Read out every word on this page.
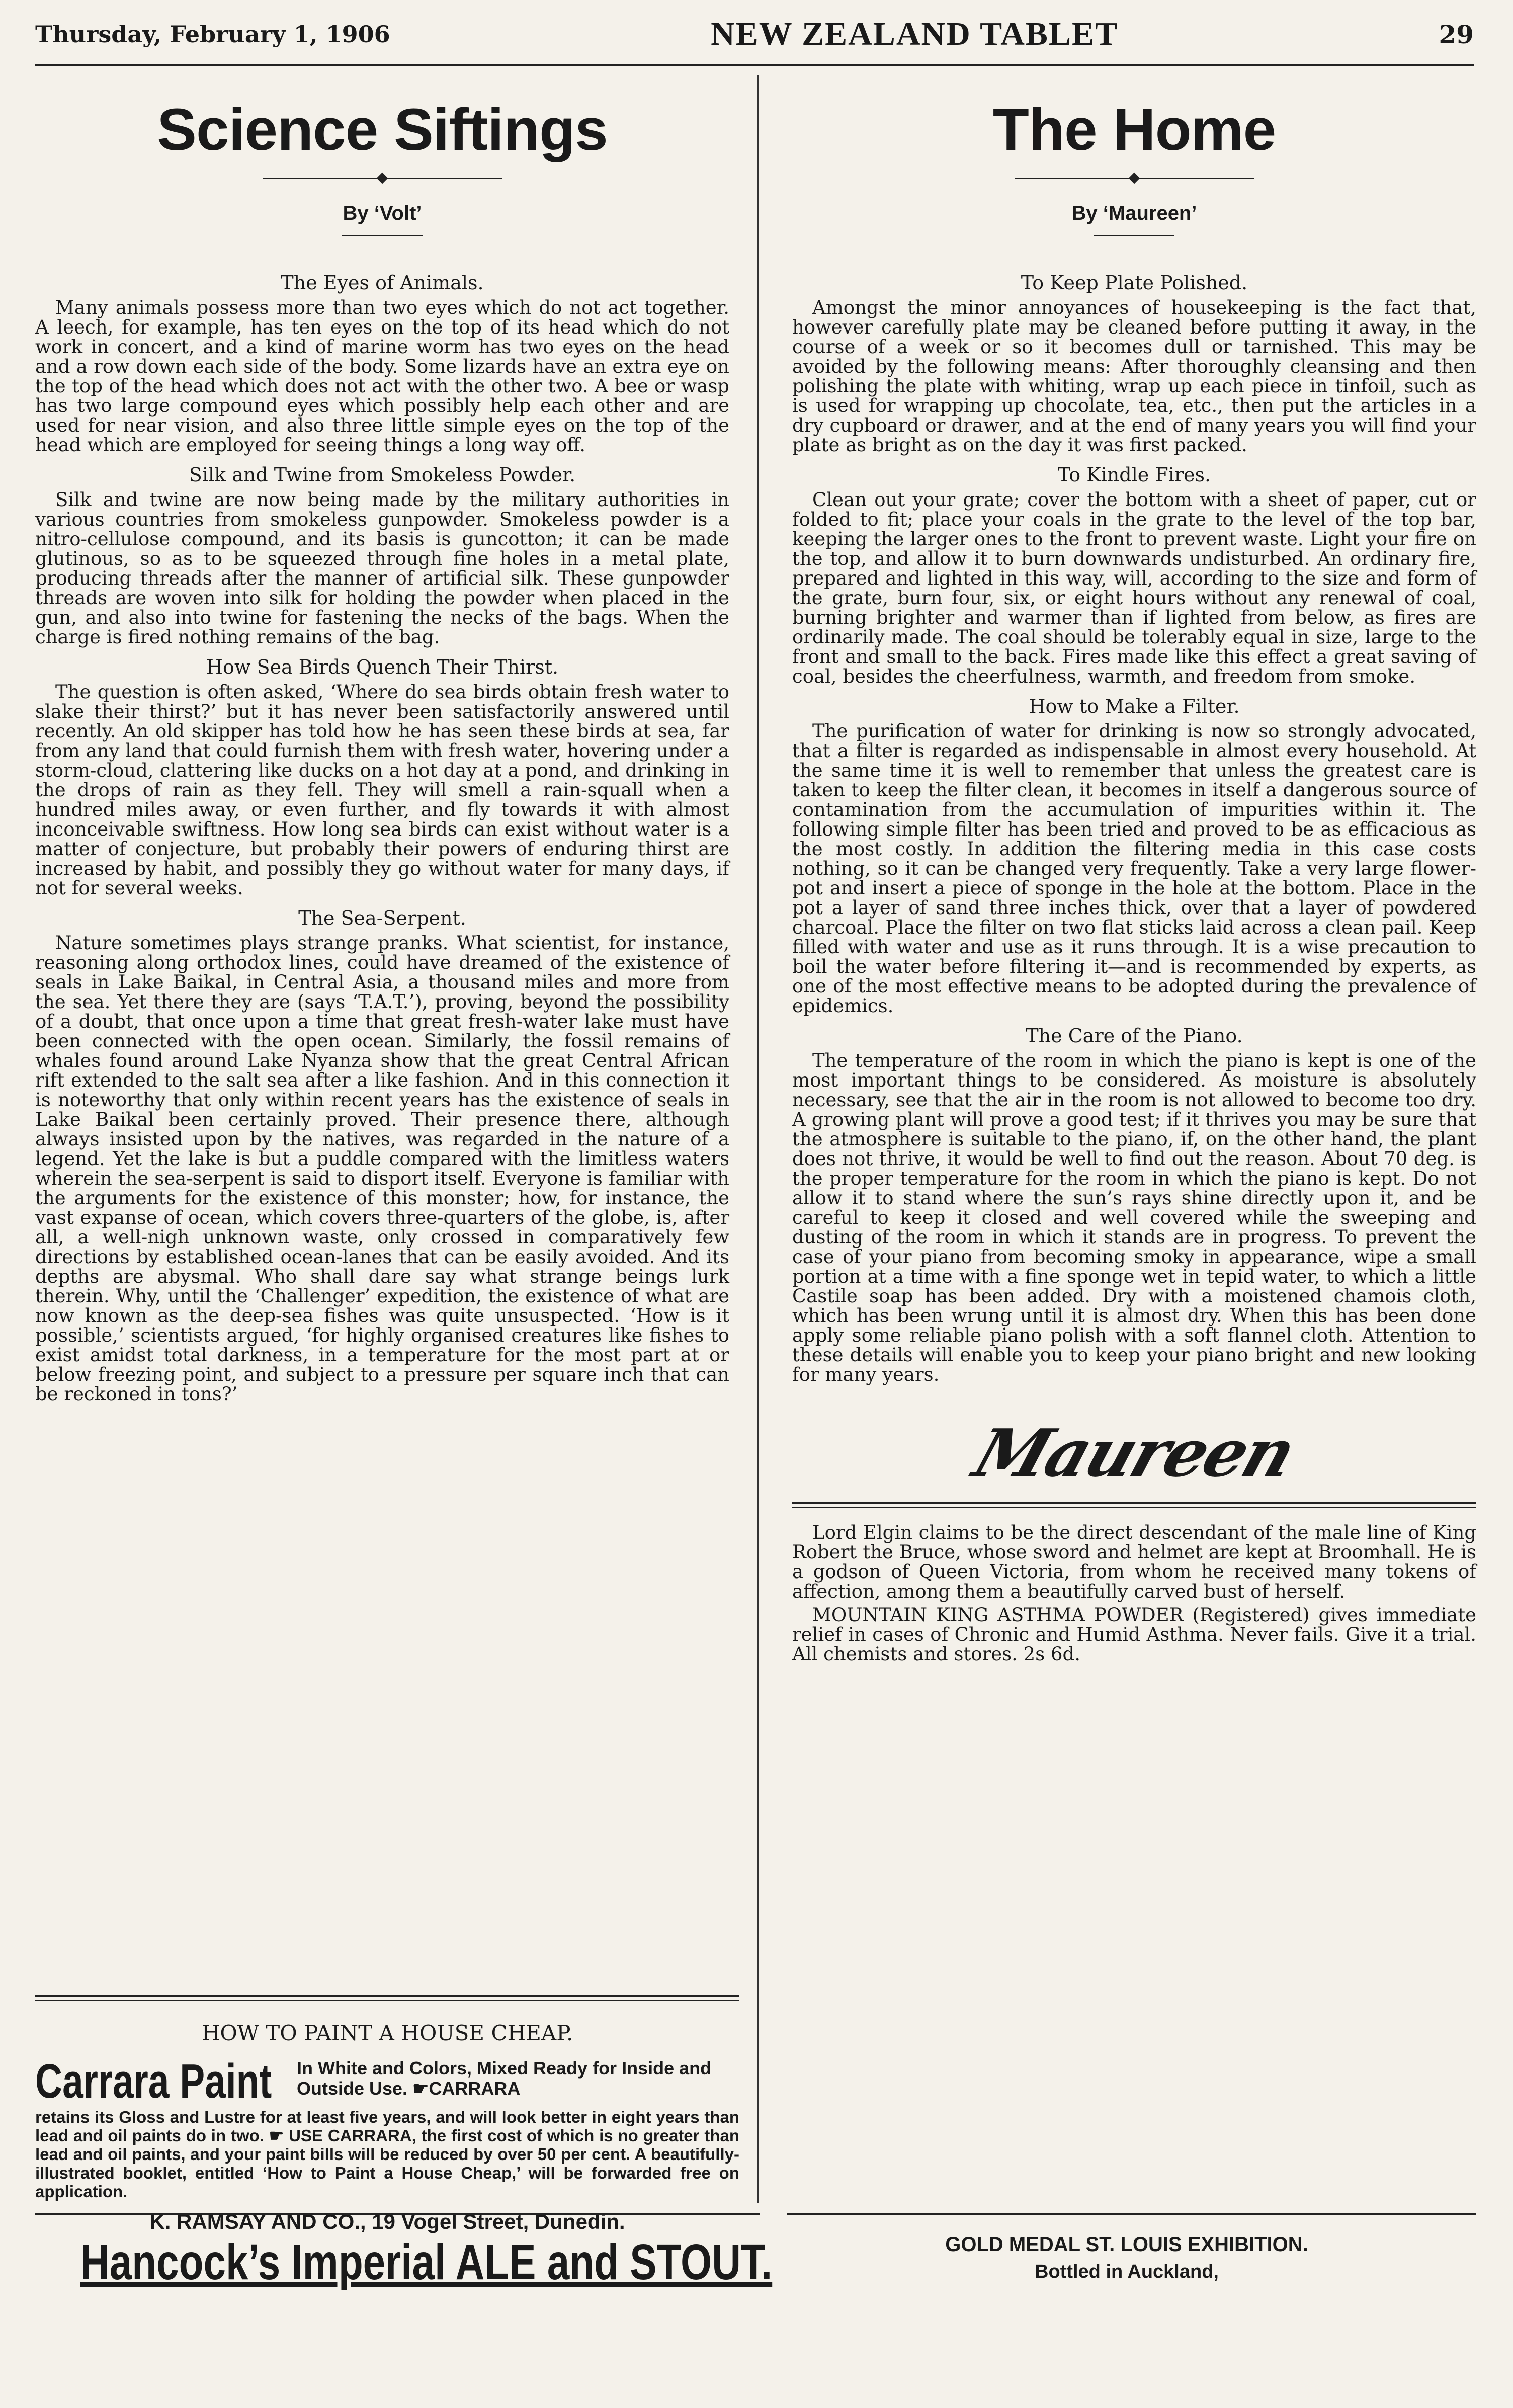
Thursday, February 1, 1906	NEW ZEALAND TABLET	29
Science Siftings
By ‘Volt’
The Eyes of Animals.

Many animals possess more than two eyes which do not act together. A leech, for example, has ten eyes on the top of its head which do not work in concert, and a kind of marine worm has two eyes on the head and a row down each side of the body. Some lizards have an extra eye on the top of the head which does not act with the other two. A bee or wasp has two large compound eyes which possibly help each other and are used for near vision, and also three little simple eyes on the top of the head which are employed for seeing things a long way off.

Silk and Twine from Smokeless Powder.

Silk and twine are now being made by the military authorities in various countries from smokeless gunpowder. Smokeless powder is a nitro-cellulose compound, and its basis is guncotton; it can be made glutinous, so as to be squeezed through fine holes in a metal plate, producing threads after the manner of artificial silk. These gunpowder threads are woven into silk for holding the powder when placed in the gun, and also into twine for fastening the necks of the bags. When the charge is fired nothing remains of the bag.

How Sea Birds Quench Their Thirst.

The question is often asked, ‘Where do sea birds obtain fresh water to slake their thirst?’ but it has never been satisfactorily answered until recently. An old skipper has told how he has seen these birds at sea, far from any land that could furnish them with fresh water, hovering under a storm-cloud, clattering like ducks on a hot day at a pond, and drinking in the drops of rain as they fell. They will smell a rain-squall when a hundred miles away, or even further, and fly towards it with almost inconceivable swiftness. How long sea birds can exist without water is a matter of conjecture, but probably their powers of enduring thirst are increased by habit, and possibly they go without water for many days, if not for several weeks.

The Sea-Serpent.

Nature sometimes plays strange pranks. What scientist, for instance, reasoning along orthodox lines, could have dreamed of the existence of seals in Lake Baikal, in Central Asia, a thousand miles and more from the sea. Yet there they are (says ‘T.A.T.’), proving, beyond the possibility of a doubt, that once upon a time that great fresh-water lake must have been connected with the open ocean. Similarly, the fossil remains of whales found around Lake Nyanza show that the great Central African rift extended to the salt sea after a like fashion. And in this connection it is noteworthy that only within recent years has the existence of seals in Lake Baikal been certainly proved. Their presence there, although always insisted upon by the natives, was regarded in the nature of a legend. Yet the lake is but a puddle compared with the limitless waters wherein the sea-serpent is said to disport itself. Everyone is familiar with the arguments for the existence of this monster; how, for instance, the vast expanse of ocean, which covers three-quarters of the globe, is, after all, a well-nigh unknown waste, only crossed in comparatively few directions by established ocean-lanes that can be easily avoided. And its depths are abysmal. Who shall dare say what strange beings lurk therein. Why, until the ‘Challenger’ expedition, the existence of what are now known as the deep-sea fishes was quite unsuspected. ‘How is it possible,’ scientists argued, ‘for highly organised creatures like fishes to exist amidst total darkness, in a temperature for the most part at or below freezing point, and subject to a pressure per square inch that can be reckoned in tons?’

HOW TO PAINT A HOUSE CHEAP.
Carrara Paint In White and Colors, Mixed Ready for Inside and Outside Use. ☛CARRARA
retains its Gloss and Lustre for at least five years, and will look better in eight years than lead and oil paints do in two. ☛ USE CARRARA, the first cost of which is no greater than lead and oil paints, and your paint bills will be reduced by over 50 per cent. A beautifully-illustrated booklet, entitled ‘How to Paint a House Cheap,’ will be forwarded free on application.
K. RAMSAY AND CO., 19 Vogel Street, Dunedin.
The Home
By ‘Maureen’
To Keep Plate Polished.

Amongst the minor annoyances of housekeeping is the fact that, however carefully plate may be cleaned before putting it away, in the course of a week or so it becomes dull or tarnished. This may be avoided by the following means: After thoroughly cleansing and then polishing the plate with whiting, wrap up each piece in tinfoil, such as is used for wrapping up chocolate, tea, etc., then put the articles in a dry cupboard or drawer, and at the end of many years you will find your plate as bright as on the day it was first packed.

To Kindle Fires.

Clean out your grate; cover the bottom with a sheet of paper, cut or folded to fit; place your coals in the grate to the level of the top bar, keeping the larger ones to the front to prevent waste. Light your fire on the top, and allow it to burn downwards undisturbed. An ordinary fire, prepared and lighted in this way, will, according to the size and form of the grate, burn four, six, or eight hours without any renewal of coal, burning brighter and warmer than if lighted from below, as fires are ordinarily made. The coal should be tolerably equal in size, large to the front and small to the back. Fires made like this effect a great saving of coal, besides the cheerfulness, warmth, and freedom from smoke.

How to Make a Filter.

The purification of water for drinking is now so strongly advocated, that a filter is regarded as indispensable in almost every household. At the same time it is well to remember that unless the greatest care is taken to keep the filter clean, it becomes in itself a dangerous source of contamination from the accumulation of impurities within it. The following simple filter has been tried and proved to be as efficacious as the most costly. In addition the filtering media in this case costs nothing, so it can be changed very frequently. Take a very large flower-pot and insert a piece of sponge in the hole at the bottom. Place in the pot a layer of sand three inches thick, over that a layer of powdered charcoal. Place the filter on two flat sticks laid across a clean pail. Keep filled with water and use as it runs through. It is a wise precaution to boil the water before filtering it—and is recommended by experts, as one of the most effective means to be adopted during the prevalence of epidemics.

The Care of the Piano.

The temperature of the room in which the piano is kept is one of the most important things to be considered. As moisture is absolutely necessary, see that the air in the room is not allowed to become too dry. A growing plant will prove a good test; if it thrives you may be sure that the atmosphere is suitable to the piano, if, on the other hand, the plant does not thrive, it would be well to find out the reason. About 70 deg. is the proper temperature for the room in which the piano is kept. Do not allow it to stand where the sun’s rays shine directly upon it, and be careful to keep it closed and well covered while the sweeping and dusting of the room in which it stands are in progress. To prevent the case of your piano from becoming smoky in appearance, wipe a small portion at a time with a fine sponge wet in tepid water, to which a little Castile soap has been added. Dry with a moistened chamois cloth, which has been wrung until it is almost dry. When this has been done apply some reliable piano polish with a soft flannel cloth. Attention to these details will enable you to keep your piano bright and new looking for many years.

Maureen

Lord Elgin claims to be the direct descendant of the male line of King Robert the Bruce, whose sword and helmet are kept at Broomhall. He is a godson of Queen Victoria, from whom he received many tokens of affection, among them a beautifully carved bust of herself.

MOUNTAIN KING ASTHMA POWDER (Registered) gives immediate relief in cases of Chronic and Humid Asthma. Never fails. Give it a trial. All chemists and stores. 2s 6d.

Hancock’s Imperial ALE and STOUT.	GOLD MEDAL ST. LOUIS EXHIBITION.
Bottled in Auckland,
